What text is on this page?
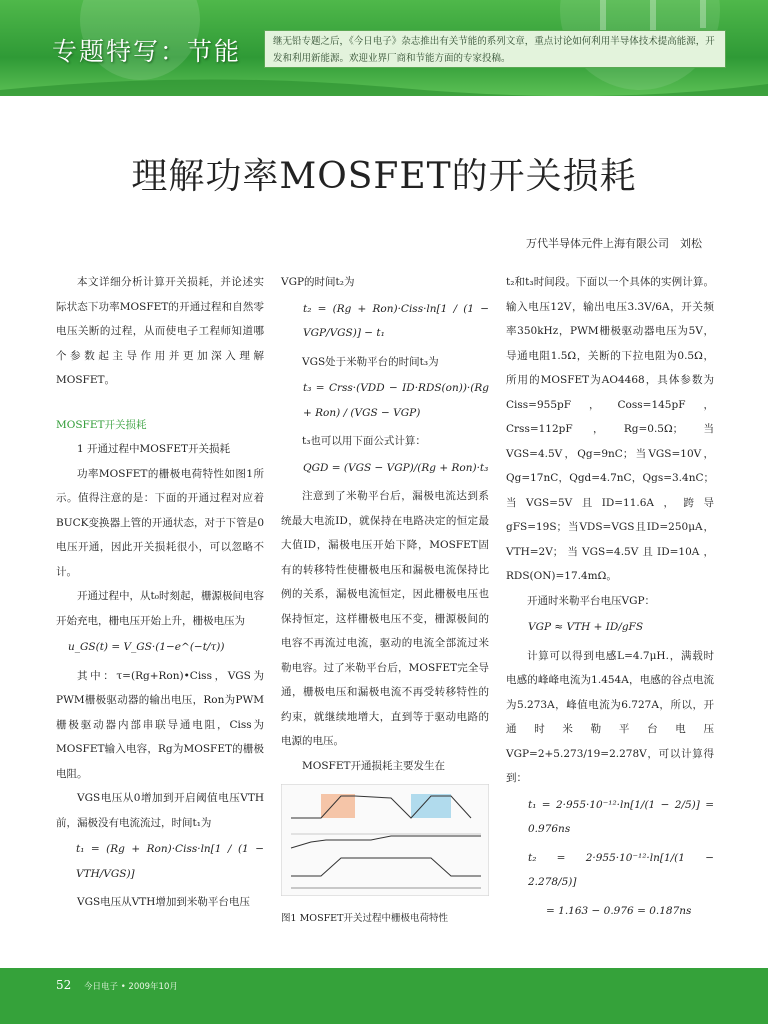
专题特写：节能	继无铅专题之后，《今日电子》杂志推出有关节能的系列文章，重点讨论如何利用半导体技术提高能源，开发和利用新能源。欢迎业界厂商和节能方面的专家投稿。
理解功率MOSFET的开关损耗
万代半导体元件上海有限公司　刘松

本文详细分析计算开关损耗，并论述实际状态下功率MOSFET的开通过程和自然零电压关断的过程，从而使电子工程师知道哪个参数起主导作用并更加深入理解MOSFET。

MOSFET开关损耗

1 开通过程中MOSFET开关损耗

功率MOSFET的栅极电荷特性如图1所示。值得注意的是：下面的开通过程对应着BUCK变换器上管的开通状态，对于下管是0电压开通，因此开关损耗很小，可以忽略不计。

开通过程中，从t₀时刻起，栅源极间电容开始充电，栅电压开始上升，栅极电压为

u_GS(t) = V_GS·(1−e^(−t/τ))

其中：τ=(Rg+Ron)•Ciss，VGS为PWM栅极驱动器的输出电压，Ron为PWM栅极驱动器内部串联导通电阻，Ciss为MOSFET输入电容，Rg为MOSFET的栅极电阻。

VGS电压从0增加到开启阈值电压VTH前，漏极没有电流流过，时间t₁为

t₁ = (Rg + Ron)·Ciss·ln[1 / (1 − VTH/VGS)]

VGS电压从VTH增加到米勒平台电压

VGP的时间t₂为

t₂ = (Rg + Ron)·Ciss·ln[1 / (1 − VGP/VGS)] − t₁

VGS处于米勒平台的时间t₃为

t₃ = Crss·(VDD − ID·RDS(on))·(Rg + Ron) / (VGS − VGP)

t₃也可以用下面公式计算：

QGD = (VGS − VGP)/(Rg + Ron)·t₃

注意到了米勒平台后，漏极电流达到系统最大电流ID，就保持在电路决定的恒定最大值ID，漏极电压开始下降，MOSFET固有的转移特性使栅极电压和漏极电流保持比例的关系，漏极电流恒定，因此栅极电压也保持恒定，这样栅极电压不变，栅源极间的电容不再流过电流，驱动的电流全部流过米勒电容。过了米勒平台后，MOSFET完全导通，栅极电压和漏极电流不再受转移特性的约束，就继续地增大，直到等于驱动电路的电源的电压。

MOSFET开通损耗主要发生在

图1 MOSFET开关过程中栅极电荷特性

t₂和t₃时间段。下面以一个具体的实例计算。输入电压12V，输出电压3.3V/6A，开关频率350kHz，PWM栅极驱动器电压为5V，导通电阻1.5Ω，关断的下拉电阻为0.5Ω，所用的MOSFET为AO4468，具体参数为Ciss=955pF，Coss=145pF，Crss=112pF，Rg=0.5Ω；当VGS=4.5V，Qg=9nC；当VGS=10V，Qg=17nC，Qgd=4.7nC，Qgs=3.4nC；当VGS=5V且ID=11.6A，跨导gFS=19S；当VDS=VGS且ID=250μA，VTH=2V；当VGS=4.5V且ID=10A，RDS(ON)=17.4mΩ。

开通时米勒平台电压VGP：

VGP ≈ VTH + ID/gFS

计算可以得到电感L=4.7μH.，满载时电感的峰峰电流为1.454A，电感的谷点电流为5.273A，峰值电流为6.727A，所以，开通时米勒平台电压VGP=2+5.273/19=2.278V，可以计算得到：

t₁ = 2·955·10⁻¹²·ln[1/(1 − 2/5)] = 0.976ns
t₂ = 2·955·10⁻¹²·ln[1/(1 − 2.278/5)]
= 1.163 − 0.976 = 0.187ns
52 今日电子 • 2009年10月
